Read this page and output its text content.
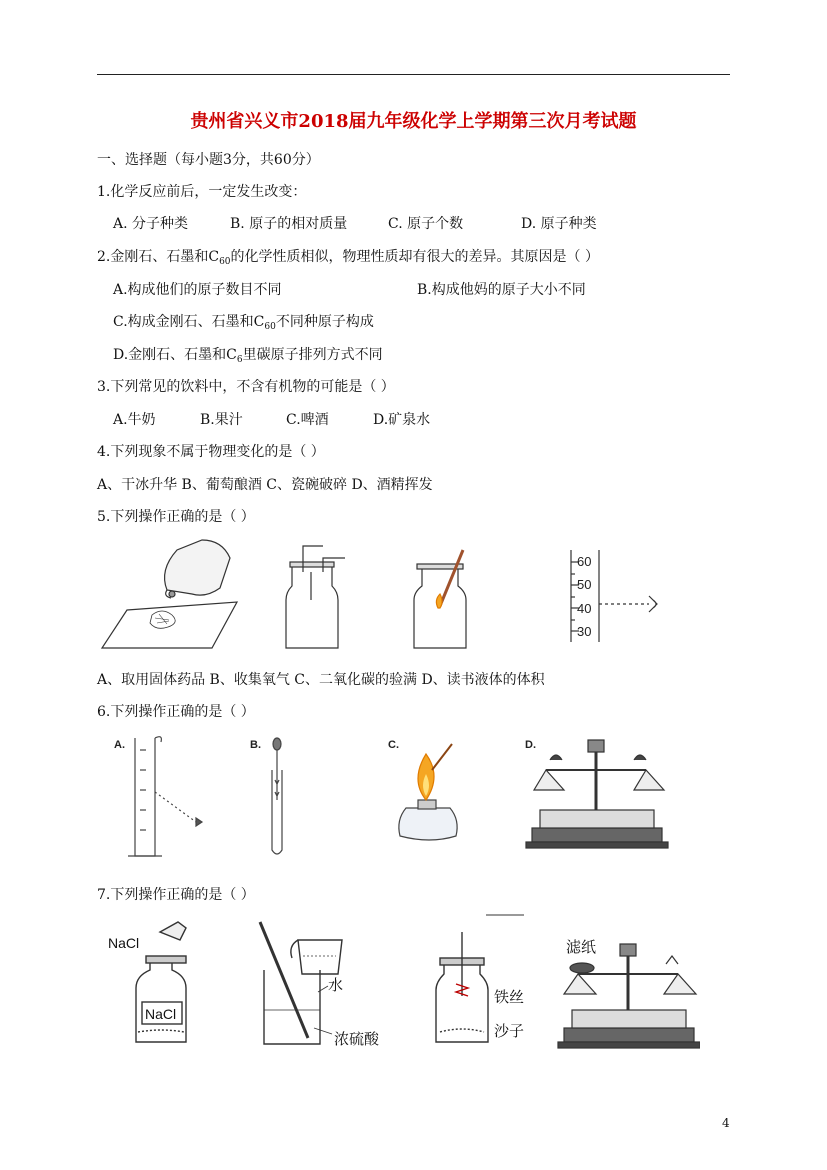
贵州省兴义市2018届九年级化学上学期第三次月考试题
一、选择题（每小题3分，共60分）
1.化学反应前后，一定发生改变：
A. 分子种类	B. 原子的相对质量	C. 原子个数	D. 原子种类
2.金刚石、石墨和$C_{60}$的化学性质相似，物理性质却有很大的差异。其原因是（ ）
A.构成他们的原子数目不同	B.构成他妈的原子大小不同
C.构成金刚石、石墨和$C_{60}$不同种原子构成
D.金刚石、石墨和$C_6$里碳原子排列方式不同
3.下列常见的饮料中，不含有机物的可能是（ ）
A.牛奶	B.果汁	C.啤酒	D.矿泉水
4.下列现象不属于物理变化的是（ ）
A、干冰升华 B、葡萄酿酒 C、瓷碗破碎 D、酒精挥发
5.下列操作正确的是（ ）
60
50
40
30
A、取用固体药品 B、收集氧气 C、二氧化碳的验满 D、读书液体的体积
6.下列操作正确的是（ ）
A.	B.	C.	D.
7.下列操作正确的是（ ）
NaCl
NaCl
水
浓硫酸
铁丝
沙子
滤纸
4
